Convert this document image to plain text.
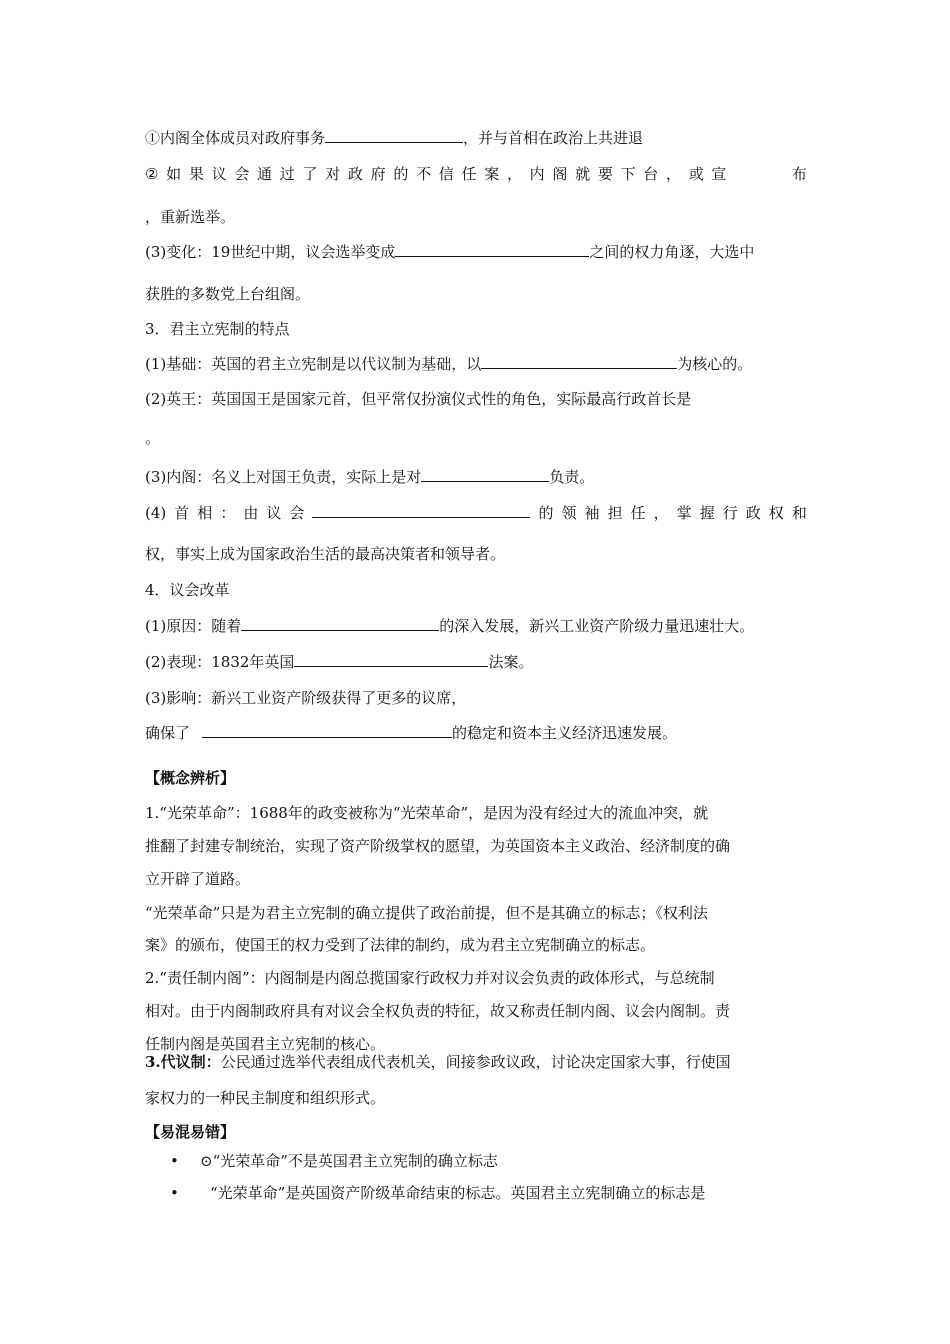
①内阁全体成员对政府事务	，并与首相在政治上共进退
② 如 果 议 会 通 过 了 对 政 府 的 不 信 任 案 ， 内 阁 就 要 下 台 ， 或 宣	布
，重新选举。
(3)变化：19世纪中期，议会选举变成	之间的权力角逐，大选中
获胜的多数党上台组阁。
3．君主立宪制的特点
(1)基础：英国的君主立宪制是以代议制为基础，以	为核心的。
(2)英王：英国国王是国家元首，但平常仅扮演仪式性的角色，实际最高行政首长是
。
(3)内阁：名义上对国王负责，实际上是对	负责。
(4) 首 相 ： 由 议 会	的 领 袖 担 任 ， 掌 握 行 政 权 和
权，事实上成为国家政治生活的最高决策者和领导者。
4．议会改革
(1)原因：随着	的深入发展，新兴工业资产阶级力量迅速壮大。
(2)表现：1832年英国	法案。
(3)影响：新兴工业资产阶级获得了更多的议席，
确保了	的稳定和资本主义经济迅速发展。
【概念辨析】
1.“光荣革命”：1688年的政变被称为“光荣革命”，是因为没有经过大的流血冲突，就
推翻了封建专制统治，实现了资产阶级掌权的愿望，为英国资本主义政治、经济制度的确
立开辟了道路。
“光荣革命”只是为君主立宪制的确立提供了政治前提，但不是其确立的标志；《权利法
案》的颁布，使国王的权力受到了法律的制约，成为君主立宪制确立的标志。
2.“责任制内阁”：内阁制是内阁总揽国家行政权力并对议会负责的政体形式，与总统制
相对。由于内阁制政府具有对议会全权负责的特征，故又称责任制内阁、议会内阁制。责
任制内阁是英国君主立宪制的核心。
3.代议制：公民通过选举代表组成代表机关，间接参政议政，讨论决定国家大事，行使国
家权力的一种民主制度和组织形式。
【易混易错】
• ⊙“光荣革命”不是英国君主立宪制的确立标志
• “光荣革命”是英国资产阶级革命结束的标志。英国君主立宪制确立的标志是
